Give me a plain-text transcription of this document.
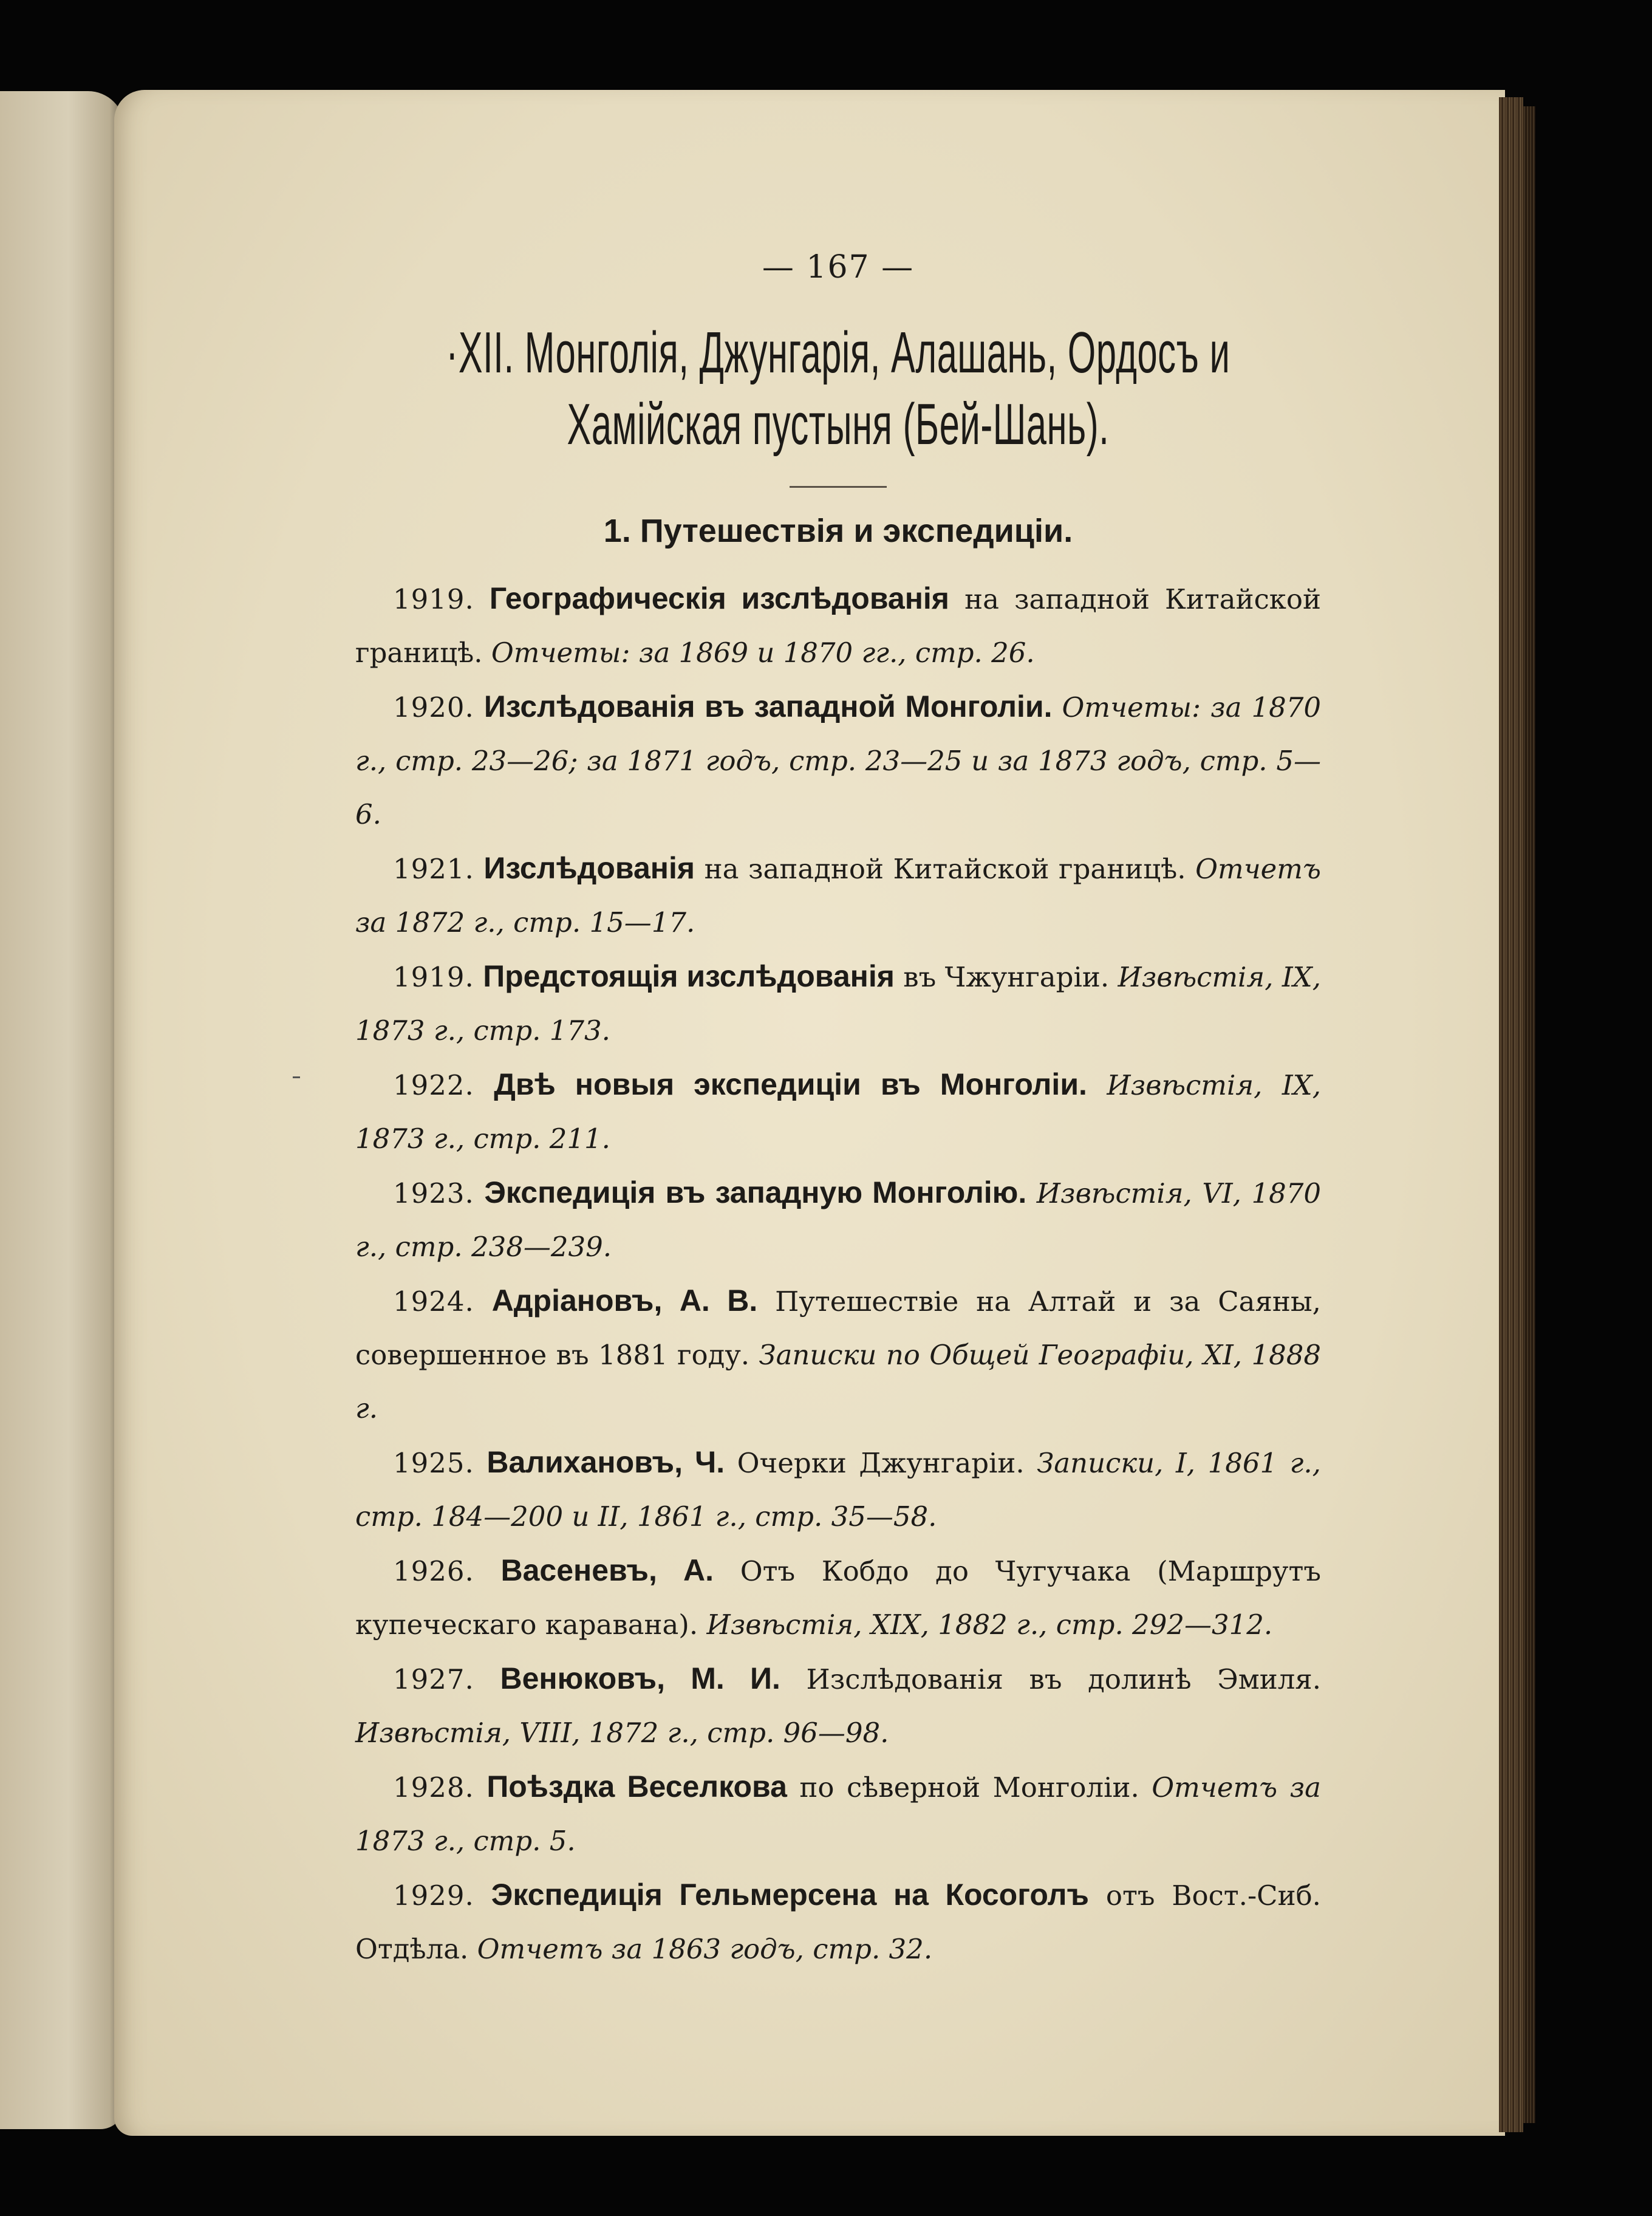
— 167 —
·XII. Монголія, Джунгарія, Алашань, Ордосъ и Хамійская пустыня (Бей-Шань).
1. Путешествія и экспедиціи.

1919. Географическія изслѣдованія на западной Китайской границѣ. Отчеты: за 1869 и 1870 гг., стр. 26.

1920. Изслѣдованія въ западной Монголіи. Отчеты: за 1870 г., стр. 23—26; за 1871 годъ, стр. 23—25 и за 1873 годъ, стр. 5—6.

1921. Изслѣдованія на западной Китайской границѣ. Отчетъ за 1872 г., стр. 15—17.

1919. Предстоящія изслѣдованія въ Чжунгаріи. Извѣстія, IX, 1873 г., стр. 173.

1922. Двѣ новыя экспедиціи въ Монголіи. Извѣстія, IX, 1873 г., стр. 211.

1923. Экспедиція въ западную Монголію. Извѣстія, VI, 1870 г., стр. 238—239.

1924. Адріановъ, А. В. Путешествіе на Алтай и за Саяны, совершенное въ 1881 году. Записки по Общей Географіи, XI, 1888 г.

1925. Валихановъ, Ч. Очерки Джунгаріи. Записки, I, 1861 г., стр. 184—200 и II, 1861 г., стр. 35—58.

1926. Васеневъ, А. Отъ Кобдо до Чугучака (Маршрутъ купеческаго каравана). Извѣстія, XIX, 1882 г., стр. 292—312.

1927. Венюковъ, М. И. Изслѣдованія въ долинѣ Эмиля. Извѣстія, VIII, 1872 г., стр. 96—98.

1928. Поѣздка Веселкова по сѣверной Монголіи. Отчетъ за 1873 г., стр. 5.

1929. Экспедиція Гельмерсена на Косоголъ отъ Вост.-Сиб. Отдѣла. Отчетъ за 1863 годъ, стр. 32.
